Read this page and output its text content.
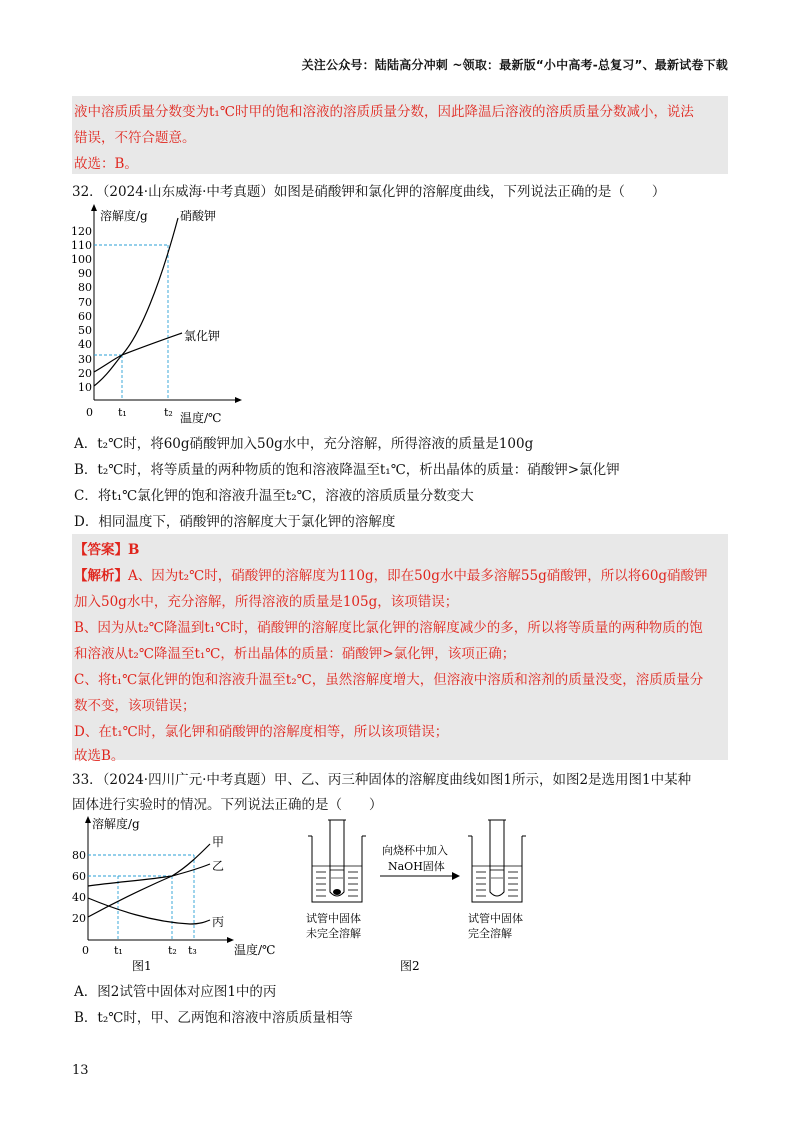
关注公众号：陆陆高分冲刺 ~领取：最新版“小中高考-总复习”、最新试卷下载
液中溶质质量分数变为t₁℃时甲的饱和溶液的溶质质量分数，因此降温后溶液的溶质质量分数减小，说法
错误，不符合题意。
故选：B。
32．（2024·山东威海·中考真题）如图是硝酸钾和氯化钾的溶解度曲线，下列说法正确的是（　　）
溶解度/g
120
110
100
90
80
70
60
50
40
30
20
10
0 t₁	t₂ 温度/℃
硝酸钾
氯化钾
A．t₂℃时，将60g硝酸钾加入50g水中，充分溶解，所得溶液的质量是100g
B．t₂℃时，将等质量的两种物质的饱和溶液降温至t₁℃，析出晶体的质量：硝酸钾>氯化钾
C．将t₁℃氯化钾的饱和溶液升温至t₂℃，溶液的溶质质量分数变大
D．相同温度下，硝酸钾的溶解度大于氯化钾的溶解度
【答案】B
【解析】A、因为t₂℃时，硝酸钾的溶解度为110g，即在50g水中最多溶解55g硝酸钾，所以将60g硝酸钾
加入50g水中，充分溶解，所得溶液的质量是105g，该项错误；
B、因为从t₂℃降温到t₁℃时，硝酸钾的溶解度比氯化钾的溶解度减少的多，所以将等质量的两种物质的饱
和溶液从t₂℃降温至t₁℃，析出晶体的质量：硝酸钾>氯化钾，该项正确；
C、将t₁℃氯化钾的饱和溶液升温至t₂℃，虽然溶解度增大，但溶液中溶质和溶剂的质量没变，溶质质量分
数不变，该项错误；
D、在t₁℃时，氯化钾和硝酸钾的溶解度相等，所以该项错误；
故选B。
33．（2024·四川广元·中考真题）甲、乙、丙三种固体的溶解度曲线如图1所示，如图2是选用图1中某种
固体进行实验时的情况。下列说法正确的是（　　）
溶解度/g
80
60
40
20
0 t₁	t₂ t₃	温度/℃
甲
乙
丙
图1
试管中固体
未完全溶解
向烧杯中加入
NaOH固体
试管中固体
完全溶解
图2
A．图2试管中固体对应图1中的丙
B．t₂℃时，甲、乙两饱和溶液中溶质质量相等
13
